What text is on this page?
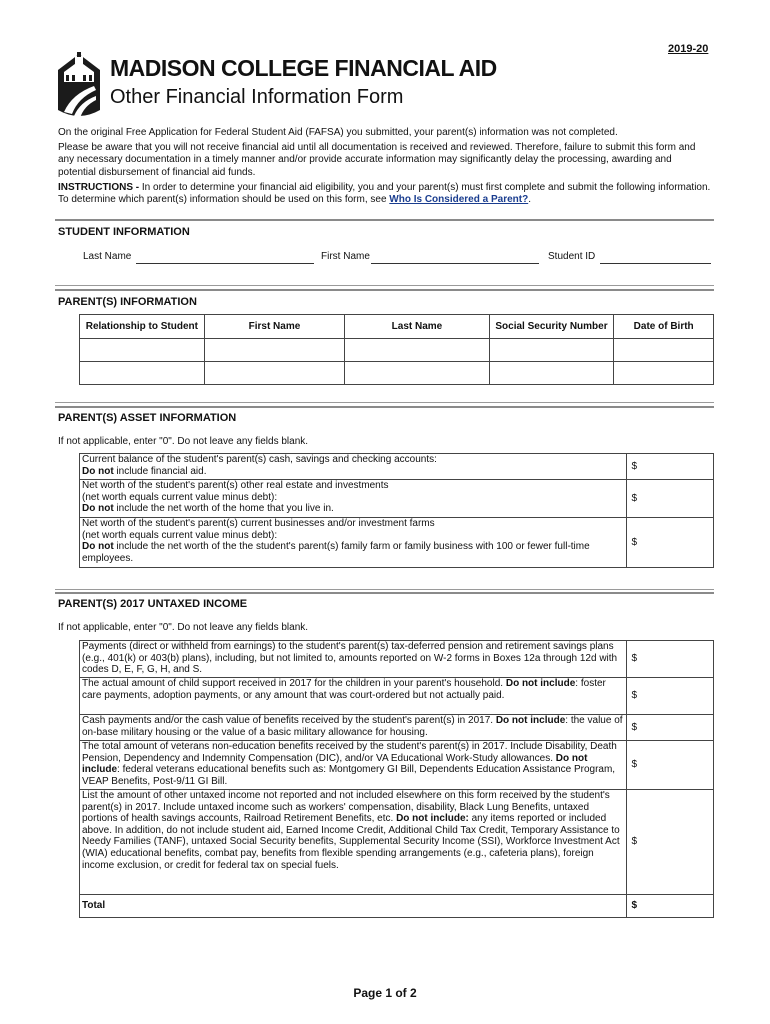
2019-20
MADISON COLLEGE FINANCIAL AID
Other Financial Information Form

On the original Free Application for Federal Student Aid (FAFSA) you submitted, your parent(s) information was not completed.

Please be aware that you will not receive financial aid until all documentation is received and reviewed. Therefore, failure to submit this form and any necessary documentation in a timely manner and/or provide accurate information may significantly delay the processing, awarding and potential disbursement of financial aid funds.

INSTRUCTIONS - In order to determine your financial aid eligibility, you and your parent(s) must first complete and submit the following information. To determine which parent(s) information should be used on this form, see Who Is Considered a Parent?.

STUDENT INFORMATION
Last Name	First Name	Student ID
PARENT(S) INFORMATION
Relationship to Student	First Name	Last Name	Social Security Number	Date of Birth

PARENT(S) ASSET INFORMATION
If not applicable, enter "0". Do not leave any fields blank.
Current balance of the student's parent(s) cash, savings and checking accounts:
Do not include financial aid.	$
Net worth of the student's parent(s) other real estate and investments
(net worth equals current value minus debt):
Do not include the net worth of the home that you live in.	$
Net worth of the student's parent(s) current businesses and/or investment farms
(net worth equals current value minus debt):
Do not include the net worth of the the student's parent(s) family farm or family business with 100 or fewer full-time employees.	$
PARENT(S) 2017 UNTAXED INCOME
If not applicable, enter "0". Do not leave any fields blank.
Payments (direct or withheld from earnings) to the student's parent(s) tax-deferred pension and retirement savings plans (e.g., 401(k) or 403(b) plans), including, but not limited to, amounts reported on W-2 forms in Boxes 12a through 12d with codes D, E, F, G, H, and S.	$
The actual amount of child support received in 2017 for the children in your parent's household. Do not include: foster care payments, adoption payments, or any amount that was court-ordered but not actually paid.	$
Cash payments and/or the cash value of benefits received by the student's parent(s) in 2017. Do not include: the value of on-base military housing or the value of a basic military allowance for housing.	$
The total amount of veterans non-education benefits received by the student's parent(s) in 2017. Include Disability, Death Pension, Dependency and Indemnity Compensation (DIC), and/or VA Educational Work-Study allowances. Do not include: federal veterans educational benefits such as: Montgomery GI Bill, Dependents Education Assistance Program, VEAP Benefits, Post-9/11 GI Bill.	$
List the amount of other untaxed income not reported and not included elsewhere on this form received by the student's parent(s) in 2017. Include untaxed income such as workers' compensation, disability, Black Lung Benefits, untaxed portions of health savings accounts, Railroad Retirement Benefits, etc. Do not include: any items reported or included above. In addition, do not include student aid, Earned Income Credit, Additional Child Tax Credit, Temporary Assistance to Needy Families (TANF), untaxed Social Security benefits, Supplemental Security Income (SSI), Workforce Investment Act (WIA) educational benefits, combat pay, benefits from flexible spending arrangements (e.g., cafeteria plans), foreign income exclusion, or credit for federal tax on special fuels.	$
Total	$
Page 1 of 2
